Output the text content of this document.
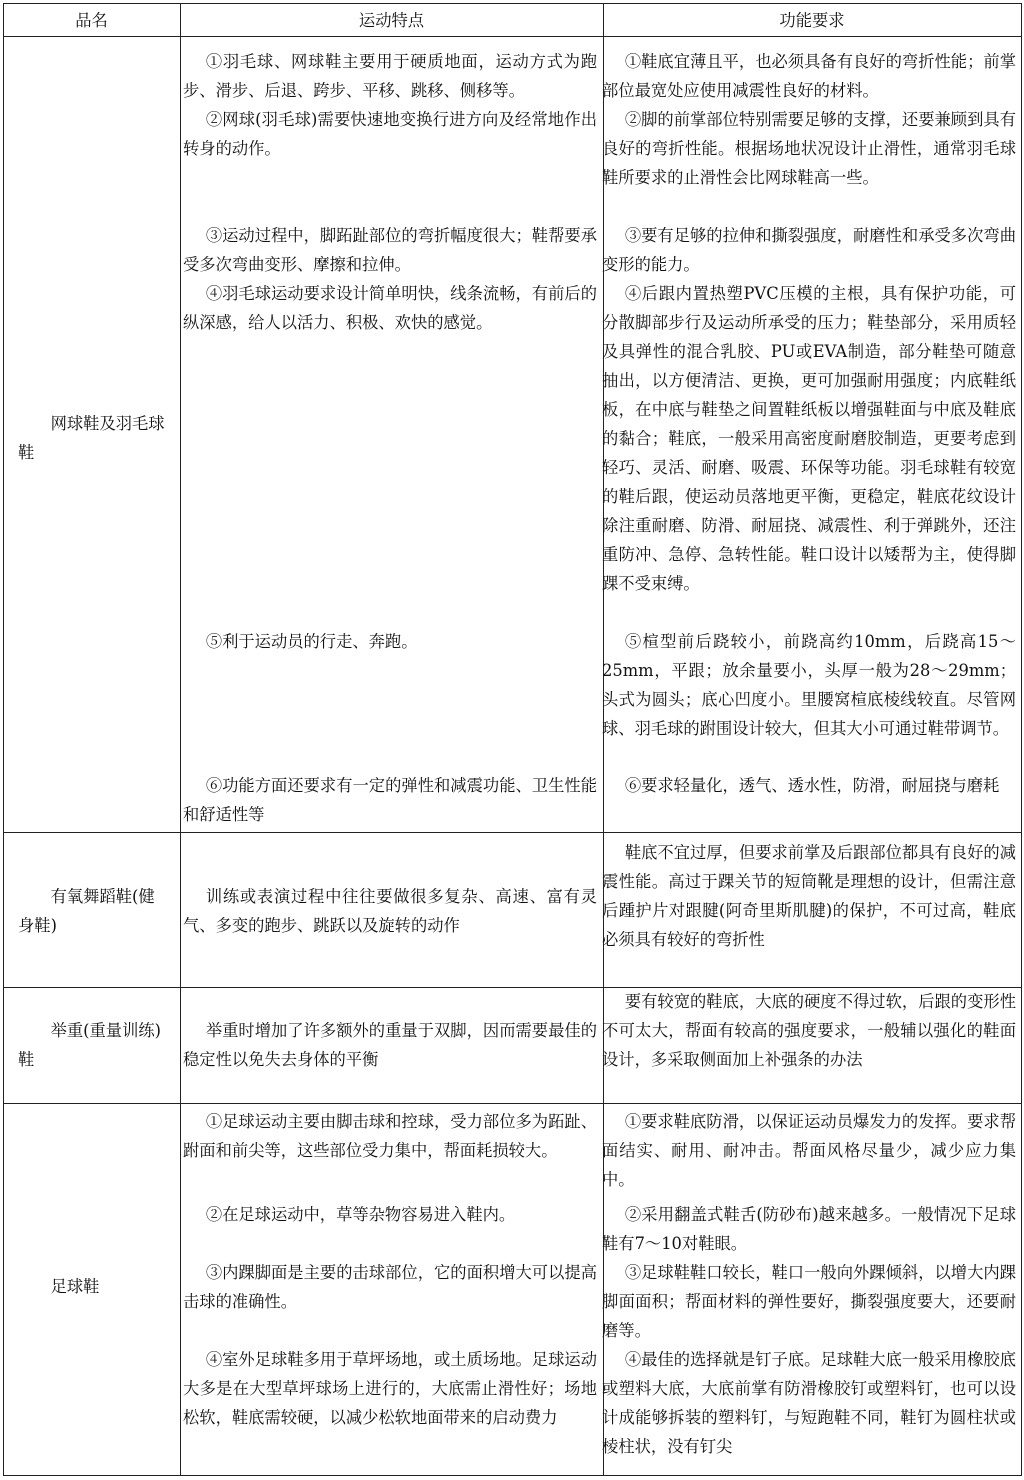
品名	运动特点	功能要求
网球鞋及羽毛球鞋
①羽毛球、网球鞋主要用于硬质地面，运动方式为跑步、滑步、后退、跨步、平移、跳移、侧移等。
②网球(羽毛球)需要快速地变换行进方向及经常地作出转身的动作。
③运动过程中，脚跖趾部位的弯折幅度很大；鞋帮要承受多次弯曲变形、摩擦和拉伸。
④羽毛球运动要求设计简单明快，线条流畅，有前后的纵深感，给人以活力、积极、欢快的感觉。
⑤利于运动员的行走、奔跑。
⑥功能方面还要求有一定的弹性和减震功能、卫生性能和舒适性等
①鞋底宜薄且平，也必须具备有良好的弯折性能；前掌部位最宽处应使用减震性良好的材料。
②脚的前掌部位特别需要足够的支撑，还要兼顾到具有良好的弯折性能。根据场地状况设计止滑性，通常羽毛球鞋所要求的止滑性会比网球鞋高一些。
③要有足够的拉伸和撕裂强度，耐磨性和承受多次弯曲变形的能力。
④后跟内置热塑PVC压模的主根，具有保护功能，可分散脚部步行及运动所承受的压力；鞋垫部分，采用质轻及具弹性的混合乳胶、PU或EVA制造，部分鞋垫可随意抽出，以方便清洁、更换，更可加强耐用强度；内底鞋纸板，在中底与鞋垫之间置鞋纸板以增强鞋面与中底及鞋底的黏合；鞋底，一般采用高密度耐磨胶制造，更要考虑到轻巧、灵活、耐磨、吸震、环保等功能。羽毛球鞋有较宽的鞋后跟，使运动员落地更平衡，更稳定，鞋底花纹设计除注重耐磨、防滑、耐屈挠、减震性、利于弹跳外，还注重防冲、急停、急转性能。鞋口设计以矮帮为主，使得脚踝不受束缚。
⑤楦型前后跷较小，前跷高约10mm，后跷高15～25mm，平跟；放余量要小，头厚一般为28～29mm；头式为圆头；底心凹度小。里腰窝楦底棱线较直。尽管网球、羽毛球的跗围设计较大，但其大小可通过鞋带调节。
⑥要求轻量化，透气、透水性，防滑，耐屈挠与磨耗
有氧舞蹈鞋(健身鞋)
训练或表演过程中往往要做很多复杂、高速、富有灵气、多变的跑步、跳跃以及旋转的动作
鞋底不宜过厚，但要求前掌及后跟部位都具有良好的减震性能。高过于踝关节的短筒靴是理想的设计，但需注意后踵护片对跟腱(阿奇里斯肌腱)的保护，不可过高，鞋底必须具有较好的弯折性
举重(重量训练)鞋
举重时增加了许多额外的重量于双脚，因而需要最佳的稳定性以免失去身体的平衡
要有较宽的鞋底，大底的硬度不得过软，后跟的变形性不可太大，帮面有较高的强度要求，一般辅以强化的鞋面设计，多采取侧面加上补强条的办法
足球鞋
①足球运动主要由脚击球和控球，受力部位多为跖趾、跗面和前尖等，这些部位受力集中，帮面耗损较大。
②在足球运动中，草等杂物容易进入鞋内。
③内踝脚面是主要的击球部位，它的面积增大可以提高击球的准确性。
④室外足球鞋多用于草坪场地，或土质场地。足球运动大多是在大型草坪球场上进行的，大底需止滑性好；场地松软，鞋底需较硬，以减少松软地面带来的启动费力
①要求鞋底防滑，以保证运动员爆发力的发挥。要求帮面结实、耐用、耐冲击。帮面风格尽量少，减少应力集中。
②采用翻盖式鞋舌(防砂布)越来越多。一般情况下足球鞋有7～10对鞋眼。
③足球鞋鞋口较长，鞋口一般向外踝倾斜，以增大内踝脚面面积；帮面材料的弹性要好，撕裂强度要大，还要耐磨等。
④最佳的选择就是钉子底。足球鞋大底一般采用橡胶底或塑料大底，大底前掌有防滑橡胶钉或塑料钉，也可以设计成能够拆装的塑料钉，与短跑鞋不同，鞋钉为圆柱状或棱柱状，没有钉尖
